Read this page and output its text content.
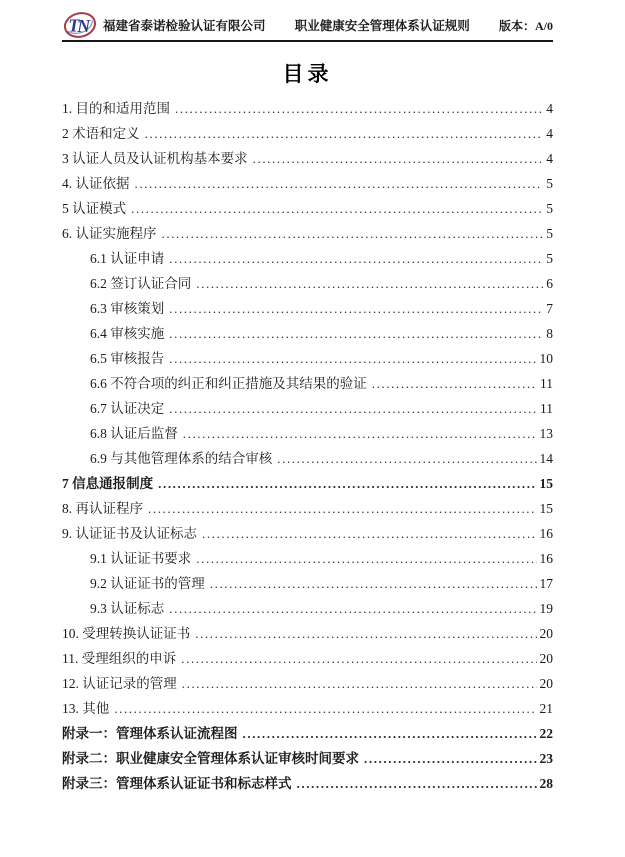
T
N 福建省泰诺检验认证有限公司 职业健康安全管理体系认证规则 版本：A/0
目录
1. 目的和适用范围 .....	4
2 术语和定义 .....	4
3 认证人员及认证机构基本要求 .....	4
4. 认证依据 .....	5
5 认证模式 .....	5
6. 认证实施程序 .....	5
6.1 认证申请 .....	5
6.2 签订认证合同 .....	6
6.3 审核策划 .....	7
6.4 审核实施 .....	8
6.5 审核报告 .....	10
6.6 不符合项的纠正和纠正措施及其结果的验证 .....	11
6.7 认证决定 .....	11
6.8 认证后监督 .....	13
6.9 与其他管理体系的结合审核 .....	14
7 信息通报制度 .....	15
8. 再认证程序 .....	15
9. 认证证书及认证标志 .....	16
9.1 认证证书要求 .....	16
9.2 认证证书的管理 .....	17
9.3 认证标志 .....	19
10. 受理转换认证证书 .....	20
11. 受理组织的申诉 .....	20
12. 认证记录的管理 .....	20
13. 其他 .....	21
附录一：管理体系认证流程图 .....	22
附录二：职业健康安全管理体系认证审核时间要求 .....	23
附录三：管理体系认证证书和标志样式 .....	28
